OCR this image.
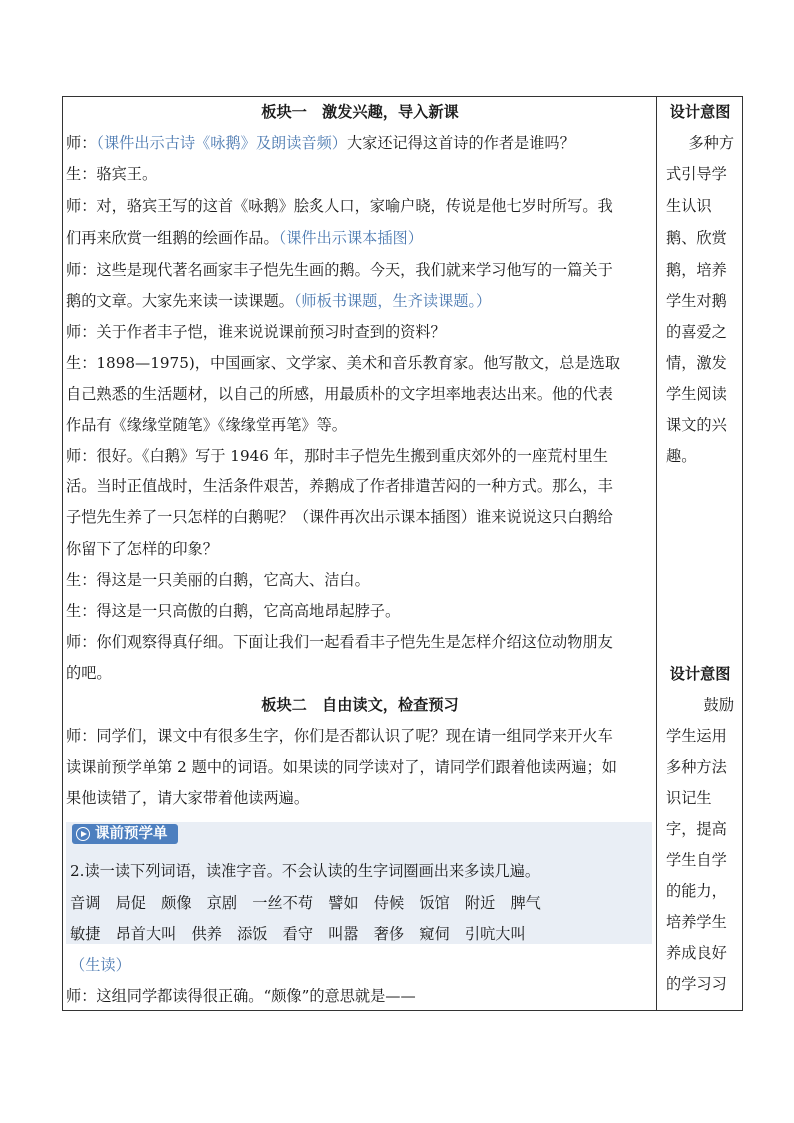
板块一　激发兴趣，导入新课
师：（课件出示古诗《咏鹅》及朗读音频）大家还记得这首诗的作者是谁吗？
生：骆宾王。
师：对，骆宾王写的这首《咏鹅》脍炙人口，家喻户晓，传说是他七岁时所写。我
们再来欣赏一组鹅的绘画作品。（课件出示课本插图）
师：这些是现代著名画家丰子恺先生画的鹅。今天，我们就来学习他写的一篇关于
鹅的文章。大家先来读一读课题。（师板书课题，生齐读课题。）
师：关于作者丰子恺，谁来说说课前预习时查到的资料？
生：1898—1975)，中国画家、文学家、美术和音乐教育家。他写散文，总是选取
自己熟悉的生活题材，以自己的所感，用最质朴的文字坦率地表达出来。他的代表
作品有《缘缘堂随笔》《缘缘堂再笔》等。
师：很好。《白鹅》写于 1946 年，那时丰子恺先生搬到重庆郊外的一座荒村里生
活。当时正值战时，生活条件艰苦，养鹅成了作者排遣苦闷的一种方式。那么，丰
子恺先生养了一只怎样的白鹅呢？（课件再次出示课本插图）谁来说说这只白鹅给
你留下了怎样的印象？
生：得这是一只美丽的白鹅，它高大、洁白。
生：得这是一只高傲的白鹅，它高高地昂起脖子。
师：你们观察得真仔细。下面让我们一起看看丰子恺先生是怎样介绍这位动物朋友
的吧。
板块二　自由读文，检查预习
师：同学们，课文中有很多生字，你们是否都认识了呢？现在请一组同学来开火车
读课前预学单第 2 题中的词语。如果读的同学读对了，请同学们跟着他读两遍；如
果他读错了，请大家带着他读两遍。
课前预学单
2.读一读下列词语，读准字音。不会认读的生字词圈画出来多读几遍。
音调　局促　颇像　京剧　一丝不苟　譬如　侍候　饭馆　附近　脾气
敏捷　昂首大叫　供养　添饭　看守　叫嚣　奢侈　窥伺　引吭大叫
（生读）
师：这组同学都读得很正确。“颇像”的意思就是——
设计意图
多种方
式引导学
生认识
鹅、欣赏
鹅，培养
学生对鹅
的喜爱之
情，激发
学生阅读
课文的兴
趣。
设计意图
鼓励
学生运用
多种方法
识记生
字，提高
学生自学
的能力，
培养学生
养成良好
的学习习
